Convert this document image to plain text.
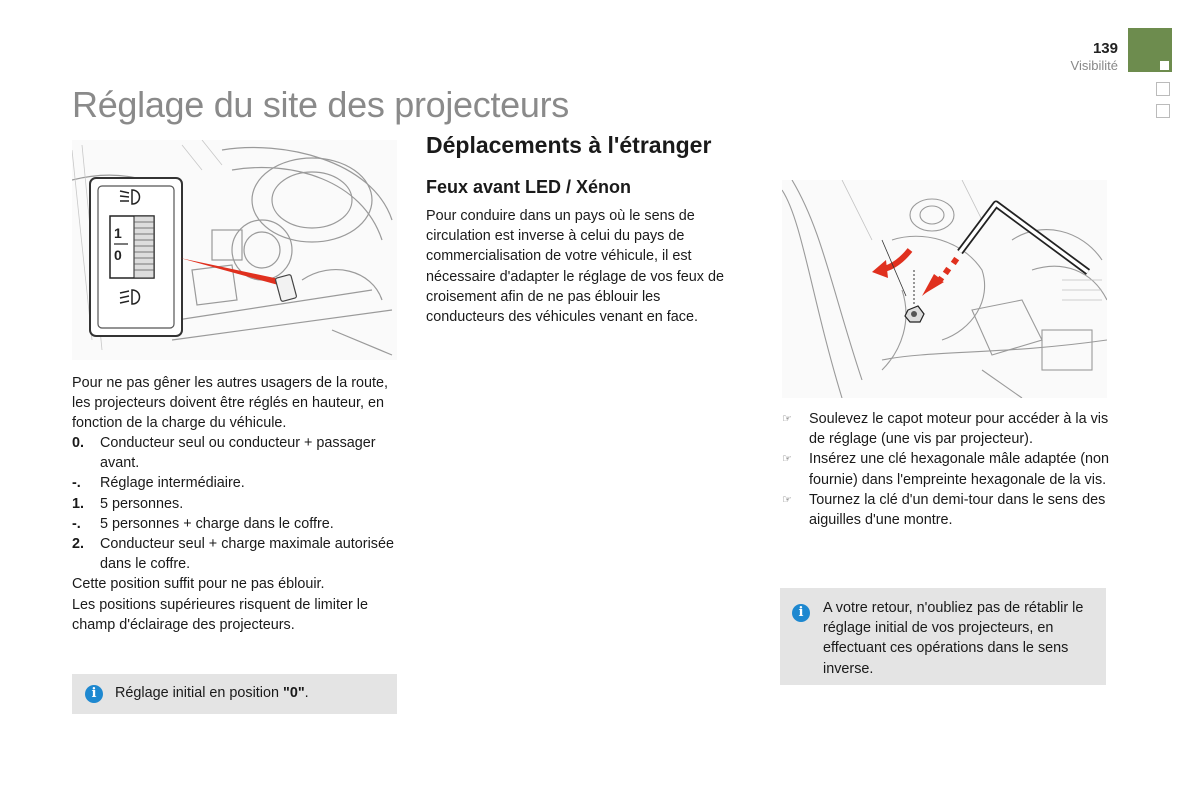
139
Visibilité
Réglage du site des projecteurs
1
0
Pour ne pas gêner les autres usagers de la route, les projecteurs doivent être réglés en hauteur, en fonction de la charge du véhicule.
0. Conducteur seul ou conducteur + passager avant.
-. Réglage intermédiaire.
1. 5 personnes.
-. 5 personnes + charge dans le coffre.
2. Conducteur seul + charge maximale autorisée dans le coffre.
Cette position suffit pour ne pas éblouir.
Les positions supérieures risquent de limiter le champ d'éclairage des projecteurs.
i	Réglage initial en position "0".
Déplacements à l'étranger
Feux avant LED / Xénon
Pour conduire dans un pays où le sens de circulation est inverse à celui du pays de commercialisation de votre véhicule, il est nécessaire d'adapter le réglage de vos feux de croisement afin de ne pas éblouir les conducteurs des véhicules venant en face.
☞ Soulevez le capot moteur pour accéder à la vis de réglage (une vis par projecteur).
☞ Insérez une clé hexagonale mâle adaptée (non fournie) dans l'empreinte hexagonale de la vis.
☞ Tournez la clé d'un demi-tour dans le sens des aiguilles d'une montre.
i	A votre retour, n'oubliez pas de rétablir le réglage initial de vos projecteurs, en effectuant ces opérations dans le sens inverse.
